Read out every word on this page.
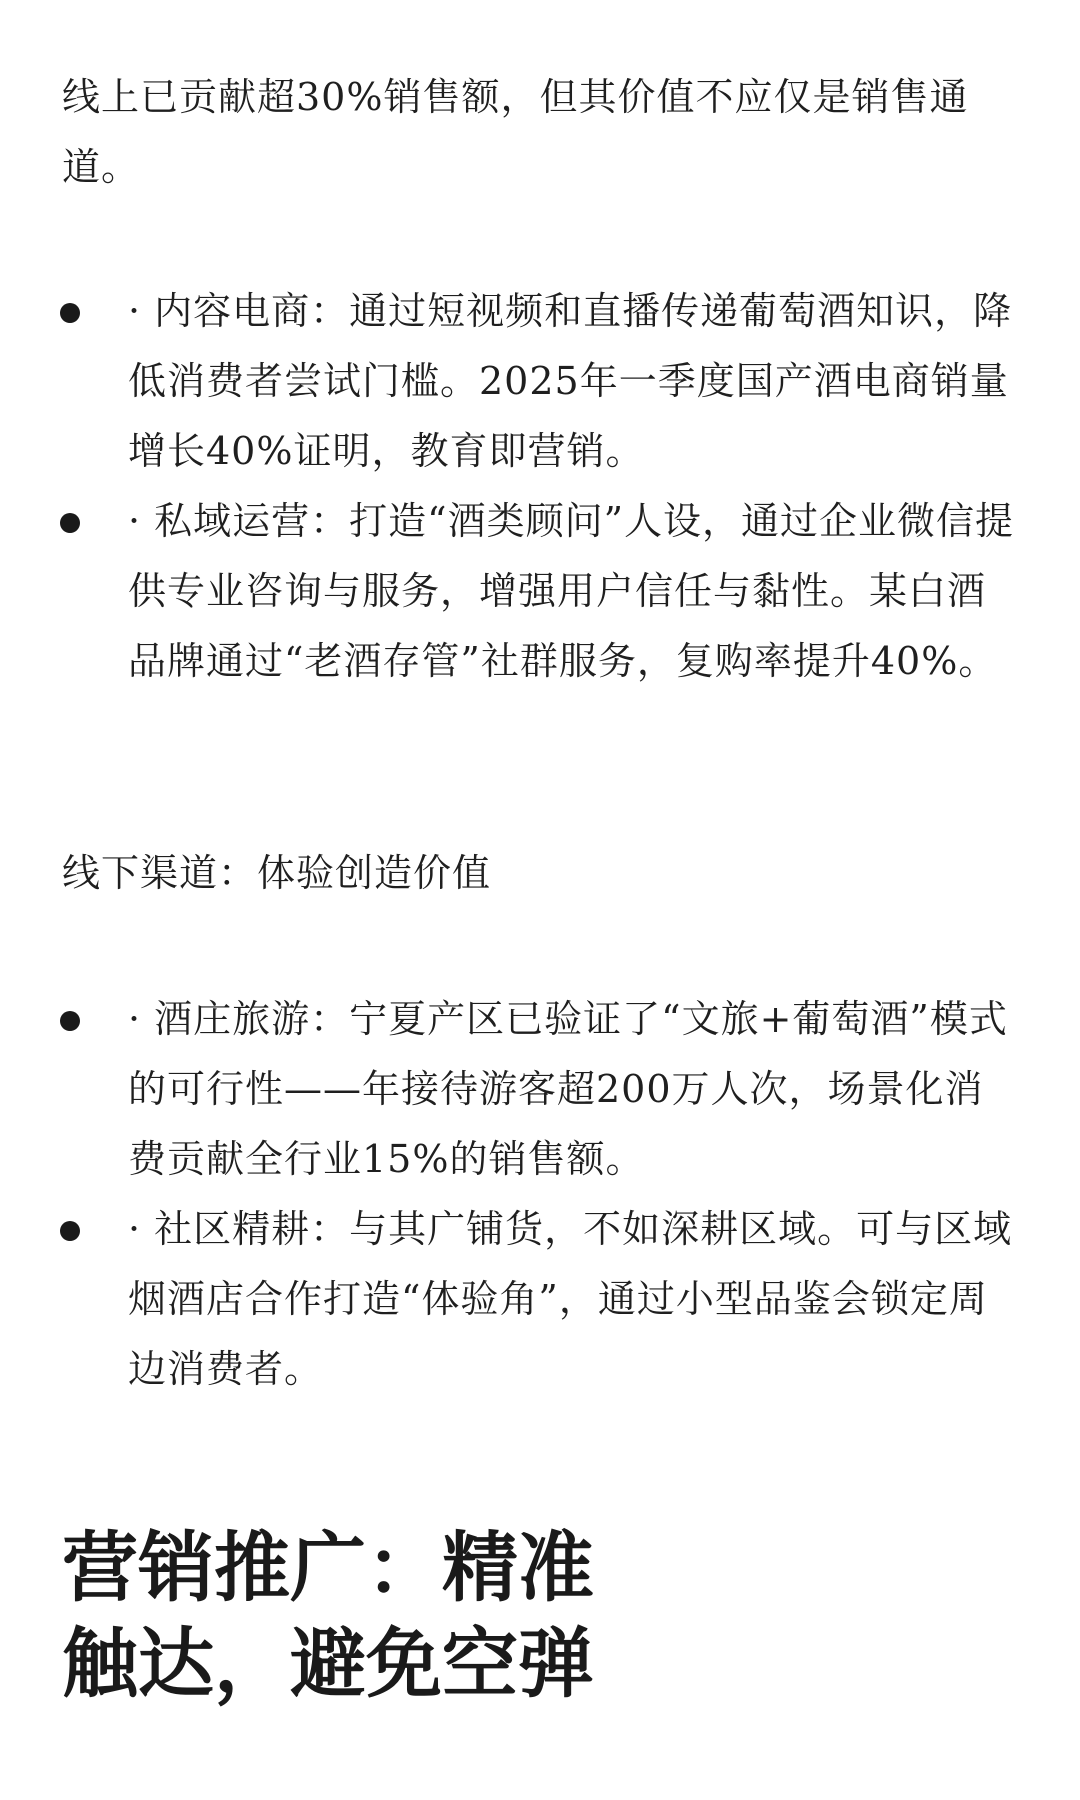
线上已贡献超30%销售额，但其价值不应仅是销售通道。

· 内容电商：通过短视频和直播传递葡萄酒知识，降低消费者尝试门槛。2025年一季度国产酒电商销量增长40%证明，教育即营销。
· 私域运营：打造“酒类顾问”人设，通过企业微信提供专业咨询与服务，增强用户信任与黏性。某白酒品牌通过“老酒存管”社群服务，复购率提升40%。

线下渠道：体验创造价值

· 酒庄旅游：宁夏产区已验证了“文旅+葡萄酒”模式的可行性——年接待游客超200万人次，场景化消费贡献全行业15%的销售额。
· 社区精耕：与其广铺货，不如深耕区域。可与区域烟酒店合作打造“体验角”，通过小型品鉴会锁定周边消费者。
营销推广：精准
触达，避免空弹
